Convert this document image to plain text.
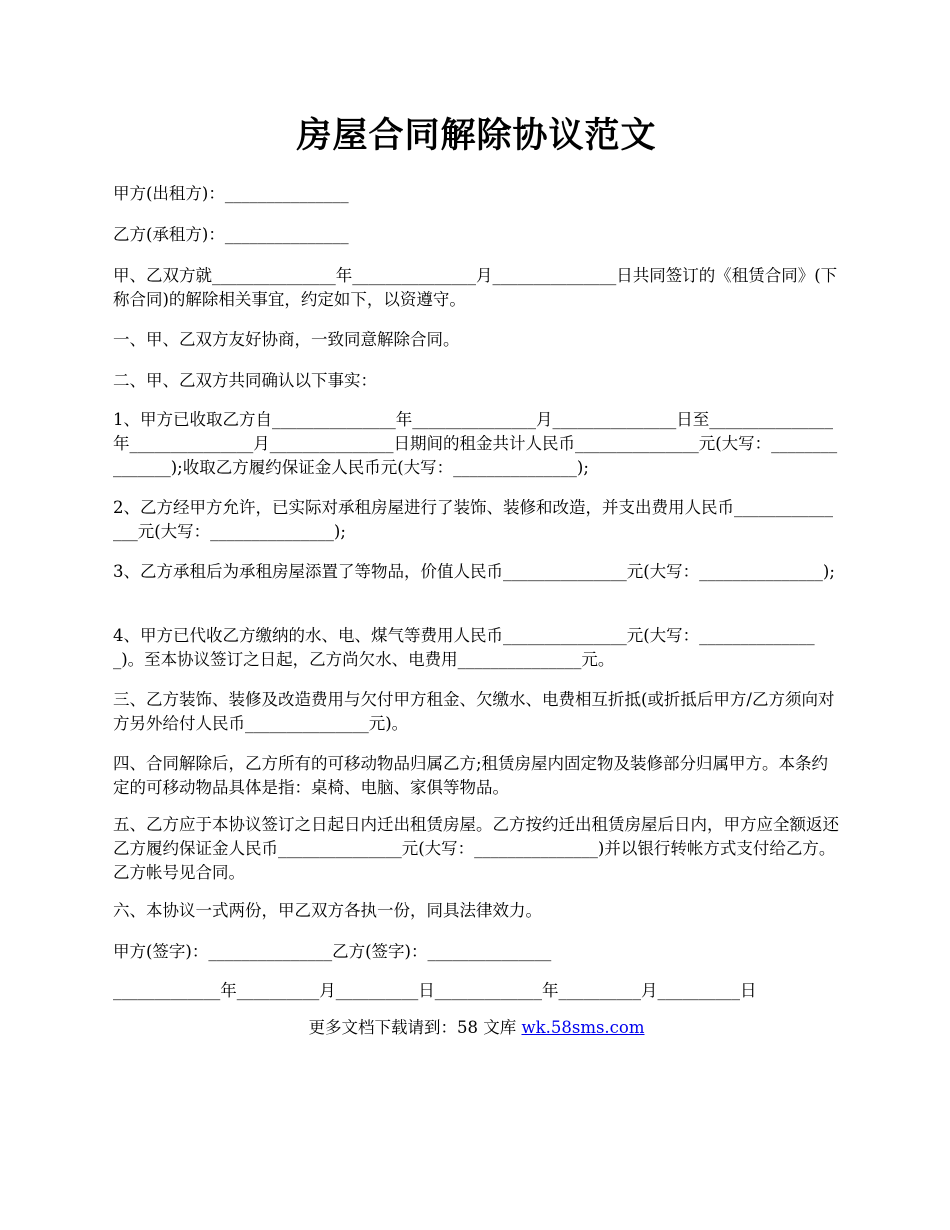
房屋合同解除协议范文

甲方(出租方)：_______________

乙方(承租方)：_______________

甲、乙双方就_______________年_______________月_______________日共同签订的《租赁合同》(下称合同)的解除相关事宜，约定如下，以资遵守。

一、甲、乙双方友好协商，一致同意解除合同。

二、甲、乙双方共同确认以下事实：

1、甲方已收取乙方自_______________年_______________月_______________日至_______________年_______________月_______________日期间的租金共计人民币_______________元(大写：_______________);收取乙方履约保证金人民币元(大写：_______________);

2、乙方经甲方允许，已实际对承租房屋进行了装饰、装修和改造，并支出费用人民币_______________元(大写：_______________);

3、乙方承租后为承租房屋添置了等物品，价值人民币_______________元(大写：_______________);

4、甲方已代收乙方缴纳的水、电、煤气等费用人民币_______________元(大写：_______________)。至本协议签订之日起，乙方尚欠水、电费用_______________元。

三、乙方装饰、装修及改造费用与欠付甲方租金、欠缴水、电费相互折抵(或折抵后甲方/乙方须向对方另外给付人民币_______________元)。

四、合同解除后，乙方所有的可移动物品归属乙方;租赁房屋内固定物及装修部分归属甲方。本条约定的可移动物品具体是指：桌椅、电脑、家俱等物品。

五、乙方应于本协议签订之日起日内迁出租赁房屋。乙方按约迁出租赁房屋后日内，甲方应全额返还乙方履约保证金人民币_______________元(大写：_______________)并以银行转帐方式支付给乙方。乙方帐号见合同。

六、本协议一式两份，甲乙双方各执一份，同具法律效力。

甲方(签字)：_______________乙方(签字)：_______________

_____________年__________月__________日_____________年__________月__________日

更多文档下载请到：58 文库 wk.58sms.com
